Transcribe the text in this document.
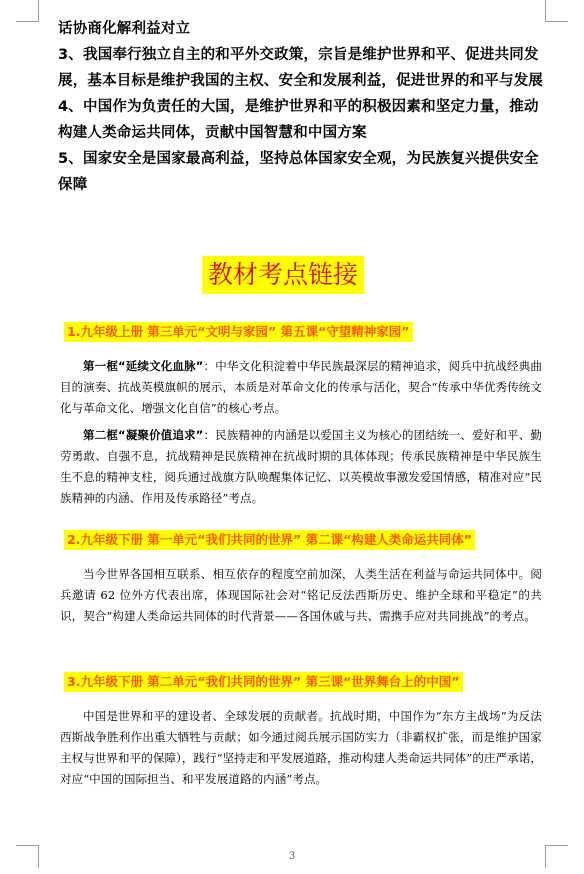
话协商化解利益对立
3、我国奉行独立自主的和平外交政策，宗旨是维护世界和平、促进共同发
展，基本目标是维护我国的主权、安全和发展利益，促进世界的和平与发展
4、中国作为负责任的大国，是维护世界和平的积极因素和坚定力量，推动
构建人类命运共同体，贡献中国智慧和中国方案
5、国家安全是国家最高利益，坚持总体国家安全观，为民族复兴提供安全
保障
教材考点链接
1.九年级上册 第三单元“文明与家园” 第五课“守望精神家园”

第一框“延续文化血脉”：中华文化积淀着中华民族最深层的精神追求，阅兵中抗战经典曲目的演奏、抗战英模旗帜的展示，本质是对革命文化的传承与活化，契合“传承中华优秀传统文化与革命文化、增强文化自信”的核心考点。

第二框“凝聚价值追求”：民族精神的内涵是以爱国主义为核心的团结统一、爱好和平、勤劳勇敢、自强不息，抗战精神是民族精神在抗战时期的具体体现；传承民族精神是中华民族生生不息的精神支柱，阅兵通过战旗方队唤醒集体记忆、以英模故事激发爱国情感，精准对应“民族精神的内涵、作用及传承路径”考点。

2.九年级下册 第一单元“我们共同的世界” 第二课“构建人类命运共同体”

当今世界各国相互联系、相互依存的程度空前加深，人类生活在利益与命运共同体中。阅兵邀请 62 位外方代表出席，体现国际社会对“铭记反法西斯历史、维护全球和平稳定”的共识，契合“构建人类命运共同体的时代背景——各国休戚与共、需携手应对共同挑战”的考点。

3.九年级下册 第二单元“我们共同的世界” 第三课“世界舞台上的中国”

中国是世界和平的建设者、全球发展的贡献者。抗战时期，中国作为“东方主战场”为反法西斯战争胜利作出重大牺牲与贡献；如今通过阅兵展示国防实力（非霸权扩张，而是维护国家主权与世界和平的保障），践行“坚持走和平发展道路，推动构建人类命运共同体”的庄严承诺，对应“中国的国际担当、和平发展道路的内涵”考点。

3
